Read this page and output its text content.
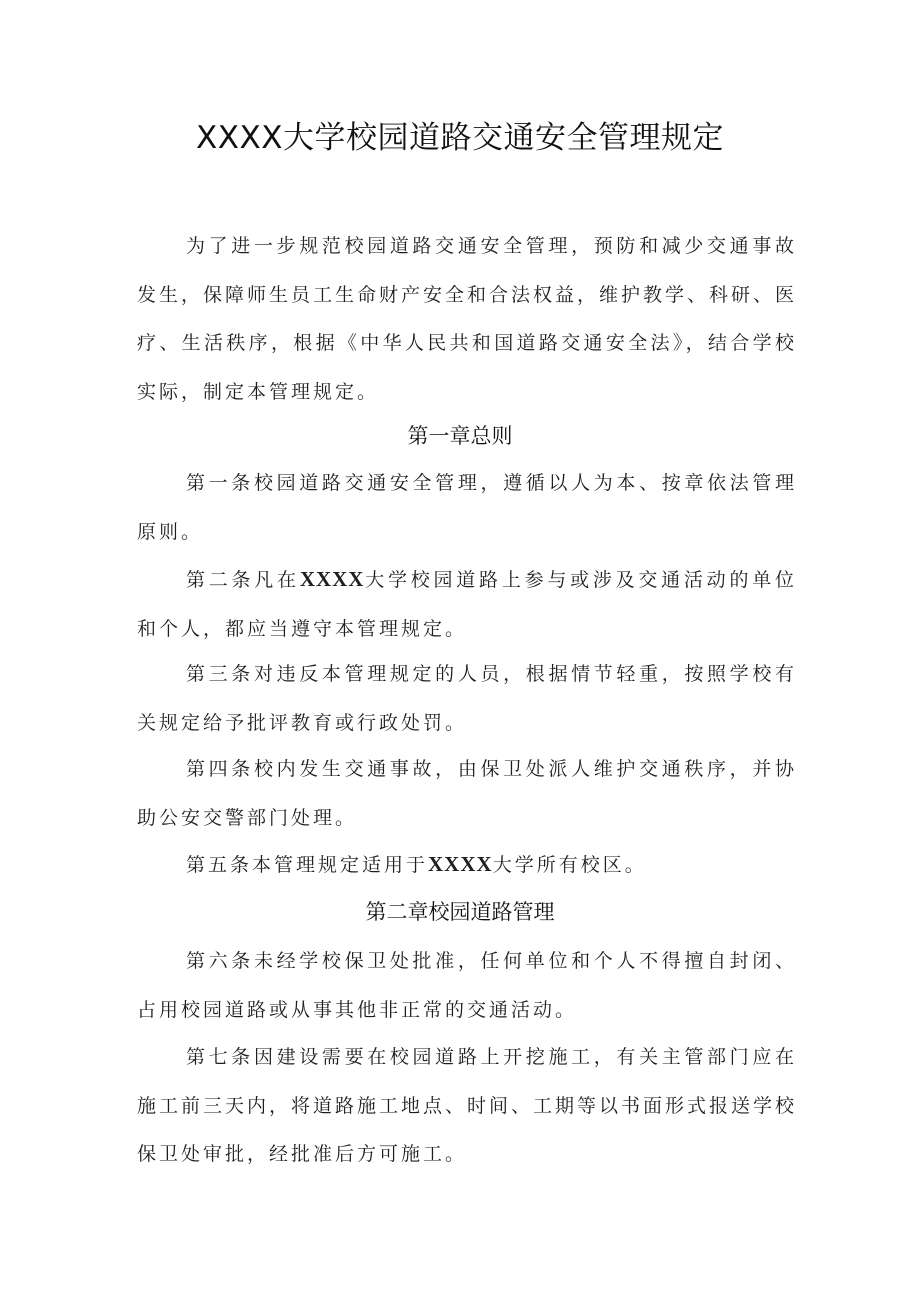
XXXX大学校园道路交通安全管理规定

为了进一步规范校园道路交通安全管理，预防和减少交通事故发生，保障师生员工生命财产安全和合法权益，维护教学、科研、医疗、生活秩序，根据《中华人民共和国道路交通安全法》，结合学校实际，制定本管理规定。

第一章总则

第一条校园道路交通安全管理，遵循以人为本、按章依法管理原则。

第二条凡在XXXX大学校园道路上参与或涉及交通活动的单位和个人，都应当遵守本管理规定。

第三条对违反本管理规定的人员，根据情节轻重，按照学校有关规定给予批评教育或行政处罚。

第四条校内发生交通事故，由保卫处派人维护交通秩序，并协助公安交警部门处理。

第五条本管理规定适用于XXXX大学所有校区。

第二章校园道路管理

第六条未经学校保卫处批准，任何单位和个人不得擅自封闭、占用校园道路或从事其他非正常的交通活动。

第七条因建设需要在校园道路上开挖施工，有关主管部门应在施工前三天内，将道路施工地点、时间、工期等以书面形式报送学校保卫处审批，经批准后方可施工。
